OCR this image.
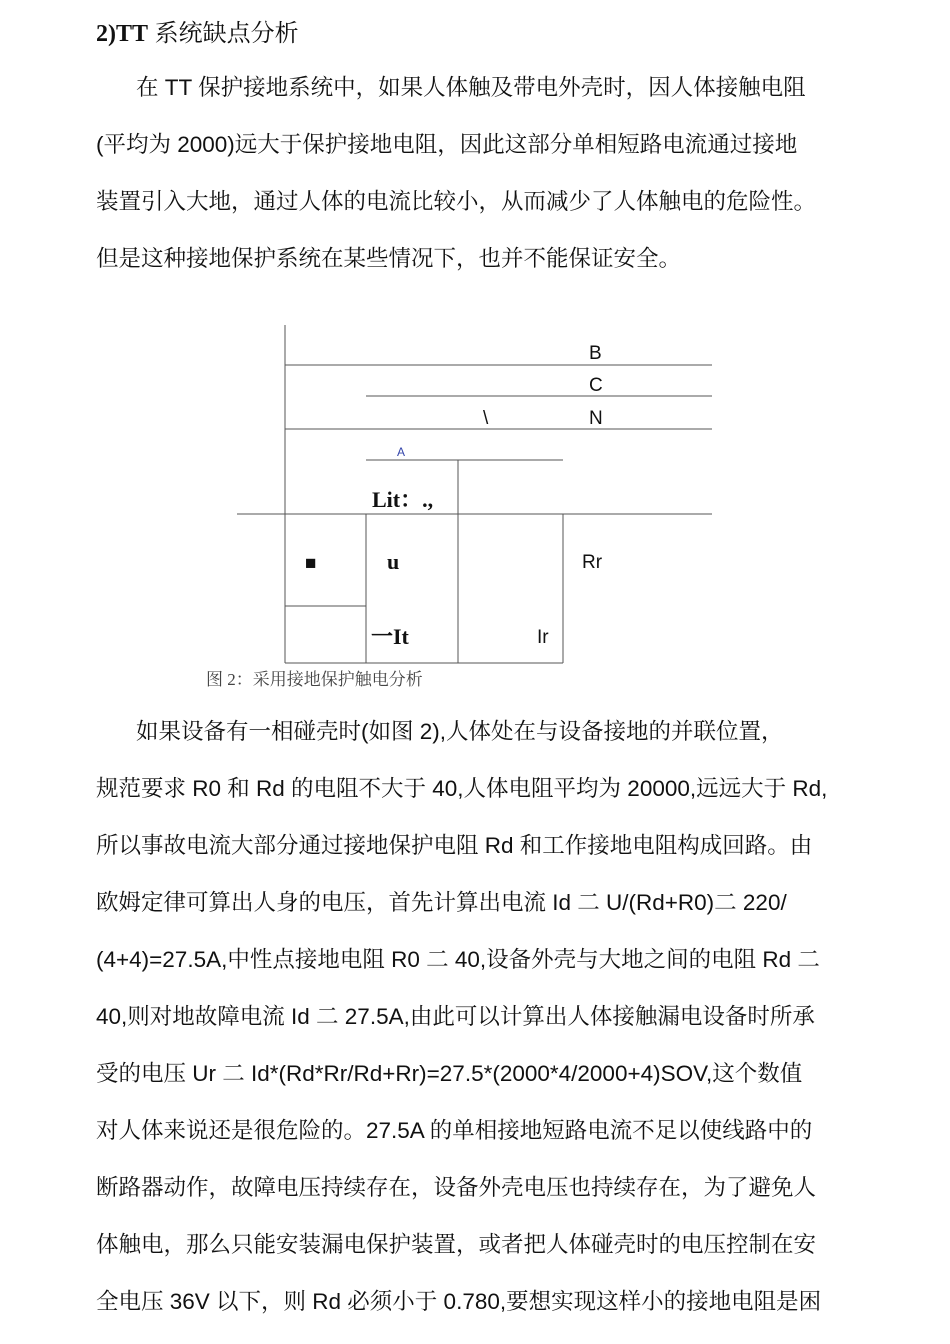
2)TT 系统缺点分析

在 TT 保护接地系统中，如果人体触及带电外壳时，因人体接触电阻
(平均为 2000)远大于保护接地电阻，因此这部分单相短路电流通过接地
装置引入大地，通过人体的电流比较小，从而减少了人体触电的危险性。
但是这种接地保护系统在某些情况下，也并不能保证安全。

B
C
\	N
A
Lit：.,
■	u	Rr
一It	Ir
图 2：采用接地保护触电分析

如果设备有一相碰壳时(如图 2),人体处在与设备接地的并联位置，
规范要求 R0 和 Rd 的电阻不大于 40,人体电阻平均为 20000,远远大于 Rd,
所以事故电流大部分通过接地保护电阻 Rd 和工作接地电阻构成回路。由
欧姆定律可算出人身的电压，首先计算出电流 Id 二 U/(Rd+R0)二 220/
(4+4)=27.5A,中性点接地电阻 R0 二 40,设备外壳与大地之间的电阻 Rd 二
40,则对地故障电流 Id 二 27.5A,由此可以计算出人体接触漏电设备时所承
受的电压 Ur 二 Id*(Rd*Rr/Rd+Rr)=27.5*(2000*4/2000+4)SOV,这个数值
对人体来说还是很危险的。27.5A 的单相接地短路电流不足以使线路中的
断路器动作，故障电压持续存在，设备外壳电压也持续存在，为了避免人
体触电，那么只能安装漏电保护装置，或者把人体碰壳时的电压控制在安
全电压 36V 以下，则 Rd 必须小于 0.780,要想实现这样小的接地电阻是困
